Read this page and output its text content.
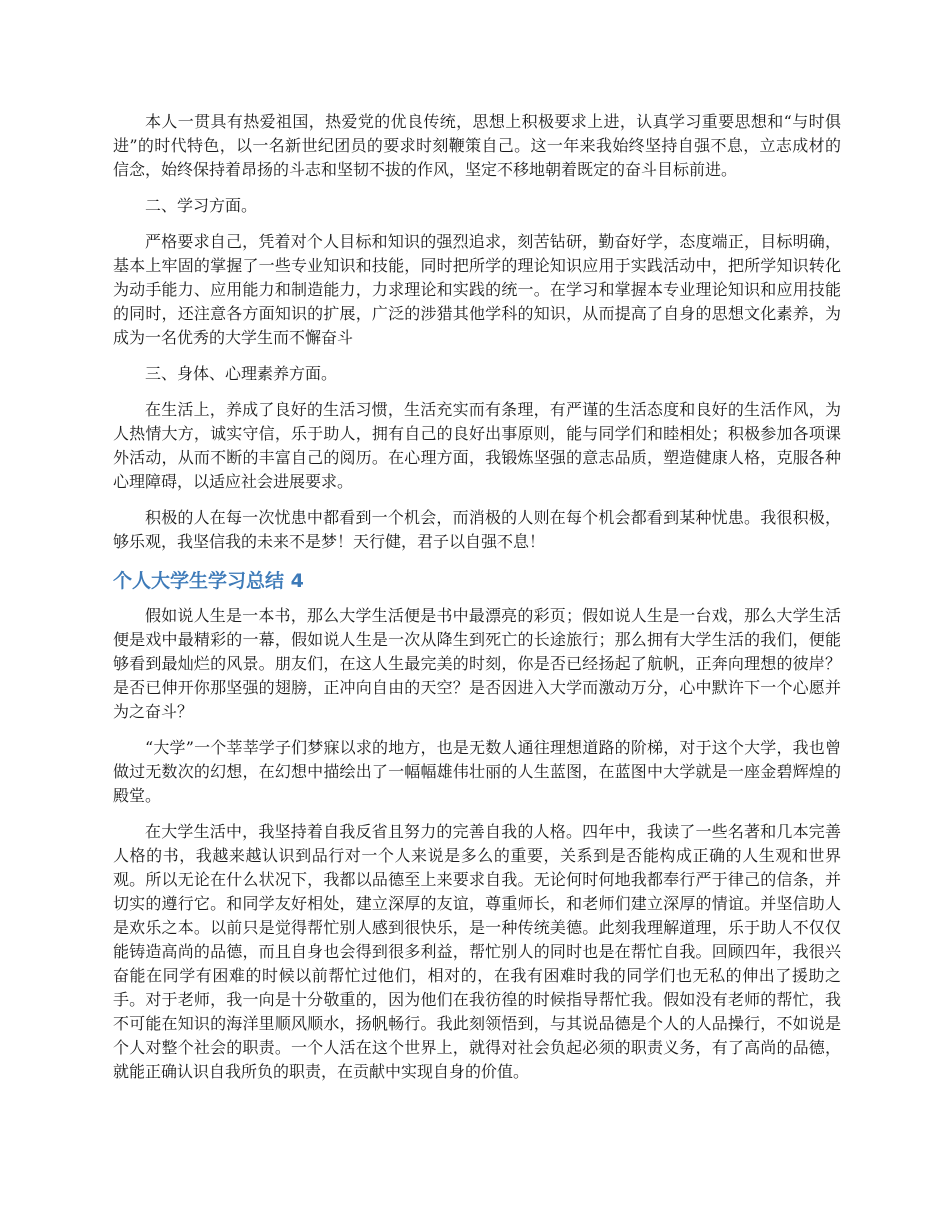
本人一贯具有热爱祖国，热爱党的优良传统，思想上积极要求上进，认真学习重要思想和“与时俱进”的时代特色，以一名新世纪团员的要求时刻鞭策自己。这一年来我始终坚持自强不息，立志成材的信念，始终保持着昂扬的斗志和坚韧不拔的作风，坚定不移地朝着既定的奋斗目标前进。

二、学习方面。

严格要求自己，凭着对个人目标和知识的强烈追求，刻苦钻研，勤奋好学，态度端正，目标明确，基本上牢固的掌握了一些专业知识和技能，同时把所学的理论知识应用于实践活动中，把所学知识转化为动手能力、应用能力和制造能力，力求理论和实践的统一。在学习和掌握本专业理论知识和应用技能的同时，还注意各方面知识的扩展，广泛的涉猎其他学科的知识，从而提高了自身的思想文化素养，为成为一名优秀的大学生而不懈奋斗

三、身体、心理素养方面。

在生活上，养成了良好的生活习惯，生活充实而有条理，有严谨的生活态度和良好的生活作风，为人热情大方，诚实守信，乐于助人，拥有自己的良好出事原则，能与同学们和睦相处；积极参加各项课外活动，从而不断的丰富自己的阅历。在心理方面，我锻炼坚强的意志品质，塑造健康人格，克服各种心理障碍，以适应社会进展要求。

积极的人在每一次忧患中都看到一个机会，而消极的人则在每个机会都看到某种忧患。我很积极，够乐观，我坚信我的未来不是梦！天行健，君子以自强不息！

个人大学生学习总结 4

假如说人生是一本书，那么大学生活便是书中最漂亮的彩页；假如说人生是一台戏，那么大学生活便是戏中最精彩的一幕，假如说人生是一次从降生到死亡的长途旅行；那么拥有大学生活的我们，便能够看到最灿烂的风景。朋友们，在这人生最完美的时刻，你是否已经扬起了航帆，正奔向理想的彼岸？是否已伸开你那坚强的翅膀，正冲向自由的天空？是否因进入大学而激动万分，心中默许下一个心愿并为之奋斗？

“大学”一个莘莘学子们梦寐以求的地方，也是无数人通往理想道路的阶梯，对于这个大学，我也曾做过无数次的幻想，在幻想中描绘出了一幅幅雄伟壮丽的人生蓝图，在蓝图中大学就是一座金碧辉煌的殿堂。

在大学生活中，我坚持着自我反省且努力的完善自我的人格。四年中，我读了一些名著和几本完善人格的书，我越来越认识到品行对一个人来说是多么的重要，关系到是否能构成正确的人生观和世界观。所以无论在什么状况下，我都以品德至上来要求自我。无论何时何地我都奉行严于律己的信条，并切实的遵行它。和同学友好相处，建立深厚的友谊，尊重师长，和老师们建立深厚的情谊。并坚信助人是欢乐之本。以前只是觉得帮忙别人感到很快乐，是一种传统美德。此刻我理解道理，乐于助人不仅仅能铸造高尚的品德，而且自身也会得到很多利益，帮忙别人的同时也是在帮忙自我。回顾四年，我很兴奋能在同学有困难的时候以前帮忙过他们，相对的，在我有困难时我的同学们也无私的伸出了援助之手。对于老师，我一向是十分敬重的，因为他们在我彷徨的时候指导帮忙我。假如没有老师的帮忙，我不可能在知识的海洋里顺风顺水，扬帆畅行。我此刻领悟到，与其说品德是个人的人品操行，不如说是个人对整个社会的职责。一个人活在这个世界上，就得对社会负起必须的职责义务，有了高尚的品德，就能正确认识自我所负的职责，在贡献中实现自身的价值。
